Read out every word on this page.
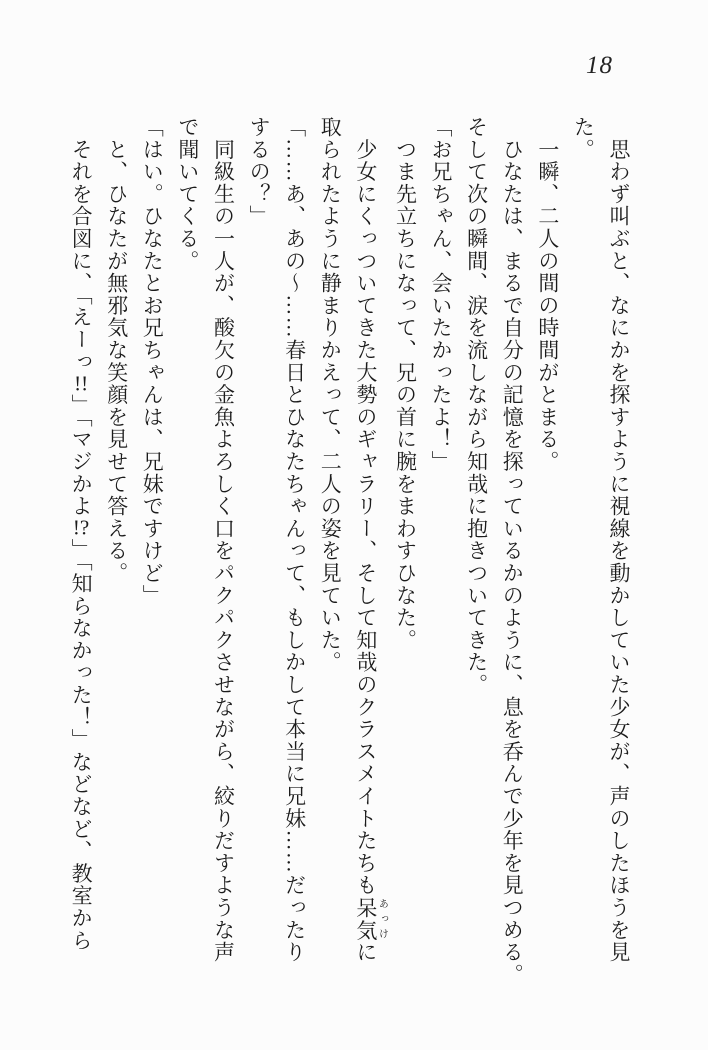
18
　思わず叫ぶと、なにかを探すように視線を動かしていた少女が、声のしたほうを見
た。
　一瞬、二人の間の時間がとまる。
　ひなたは、まるで自分の記憶を探っているかのように、息を呑んで少年を見つめる。
そして次の瞬間、涙を流しながら知哉に抱きついてきた。
「お兄ちゃん、会いたかったよ！」
　つま先立ちになって、兄の首に腕をまわすひなた。
　少女にくっついてきた大勢のギャラリー、そして知哉のクラスメイトたちも呆気あっけに
取られたように静まりかえって、二人の姿を見ていた。
「……あ、あの〜……春日とひなたちゃんって、もしかして本当に兄妹……だったり
するの？」
　同級生の一人が、酸欠の金魚よろしく口をパクパクさせながら、絞りだすような声
で聞いてくる。
「はい。ひなたとお兄ちゃんは、兄妹ですけど」
　と、ひなたが無邪気な笑顔を見せて答える。
　それを合図に、「えーっ!!」「マジかよ!?」「知らなかった！」などなど、教室から
